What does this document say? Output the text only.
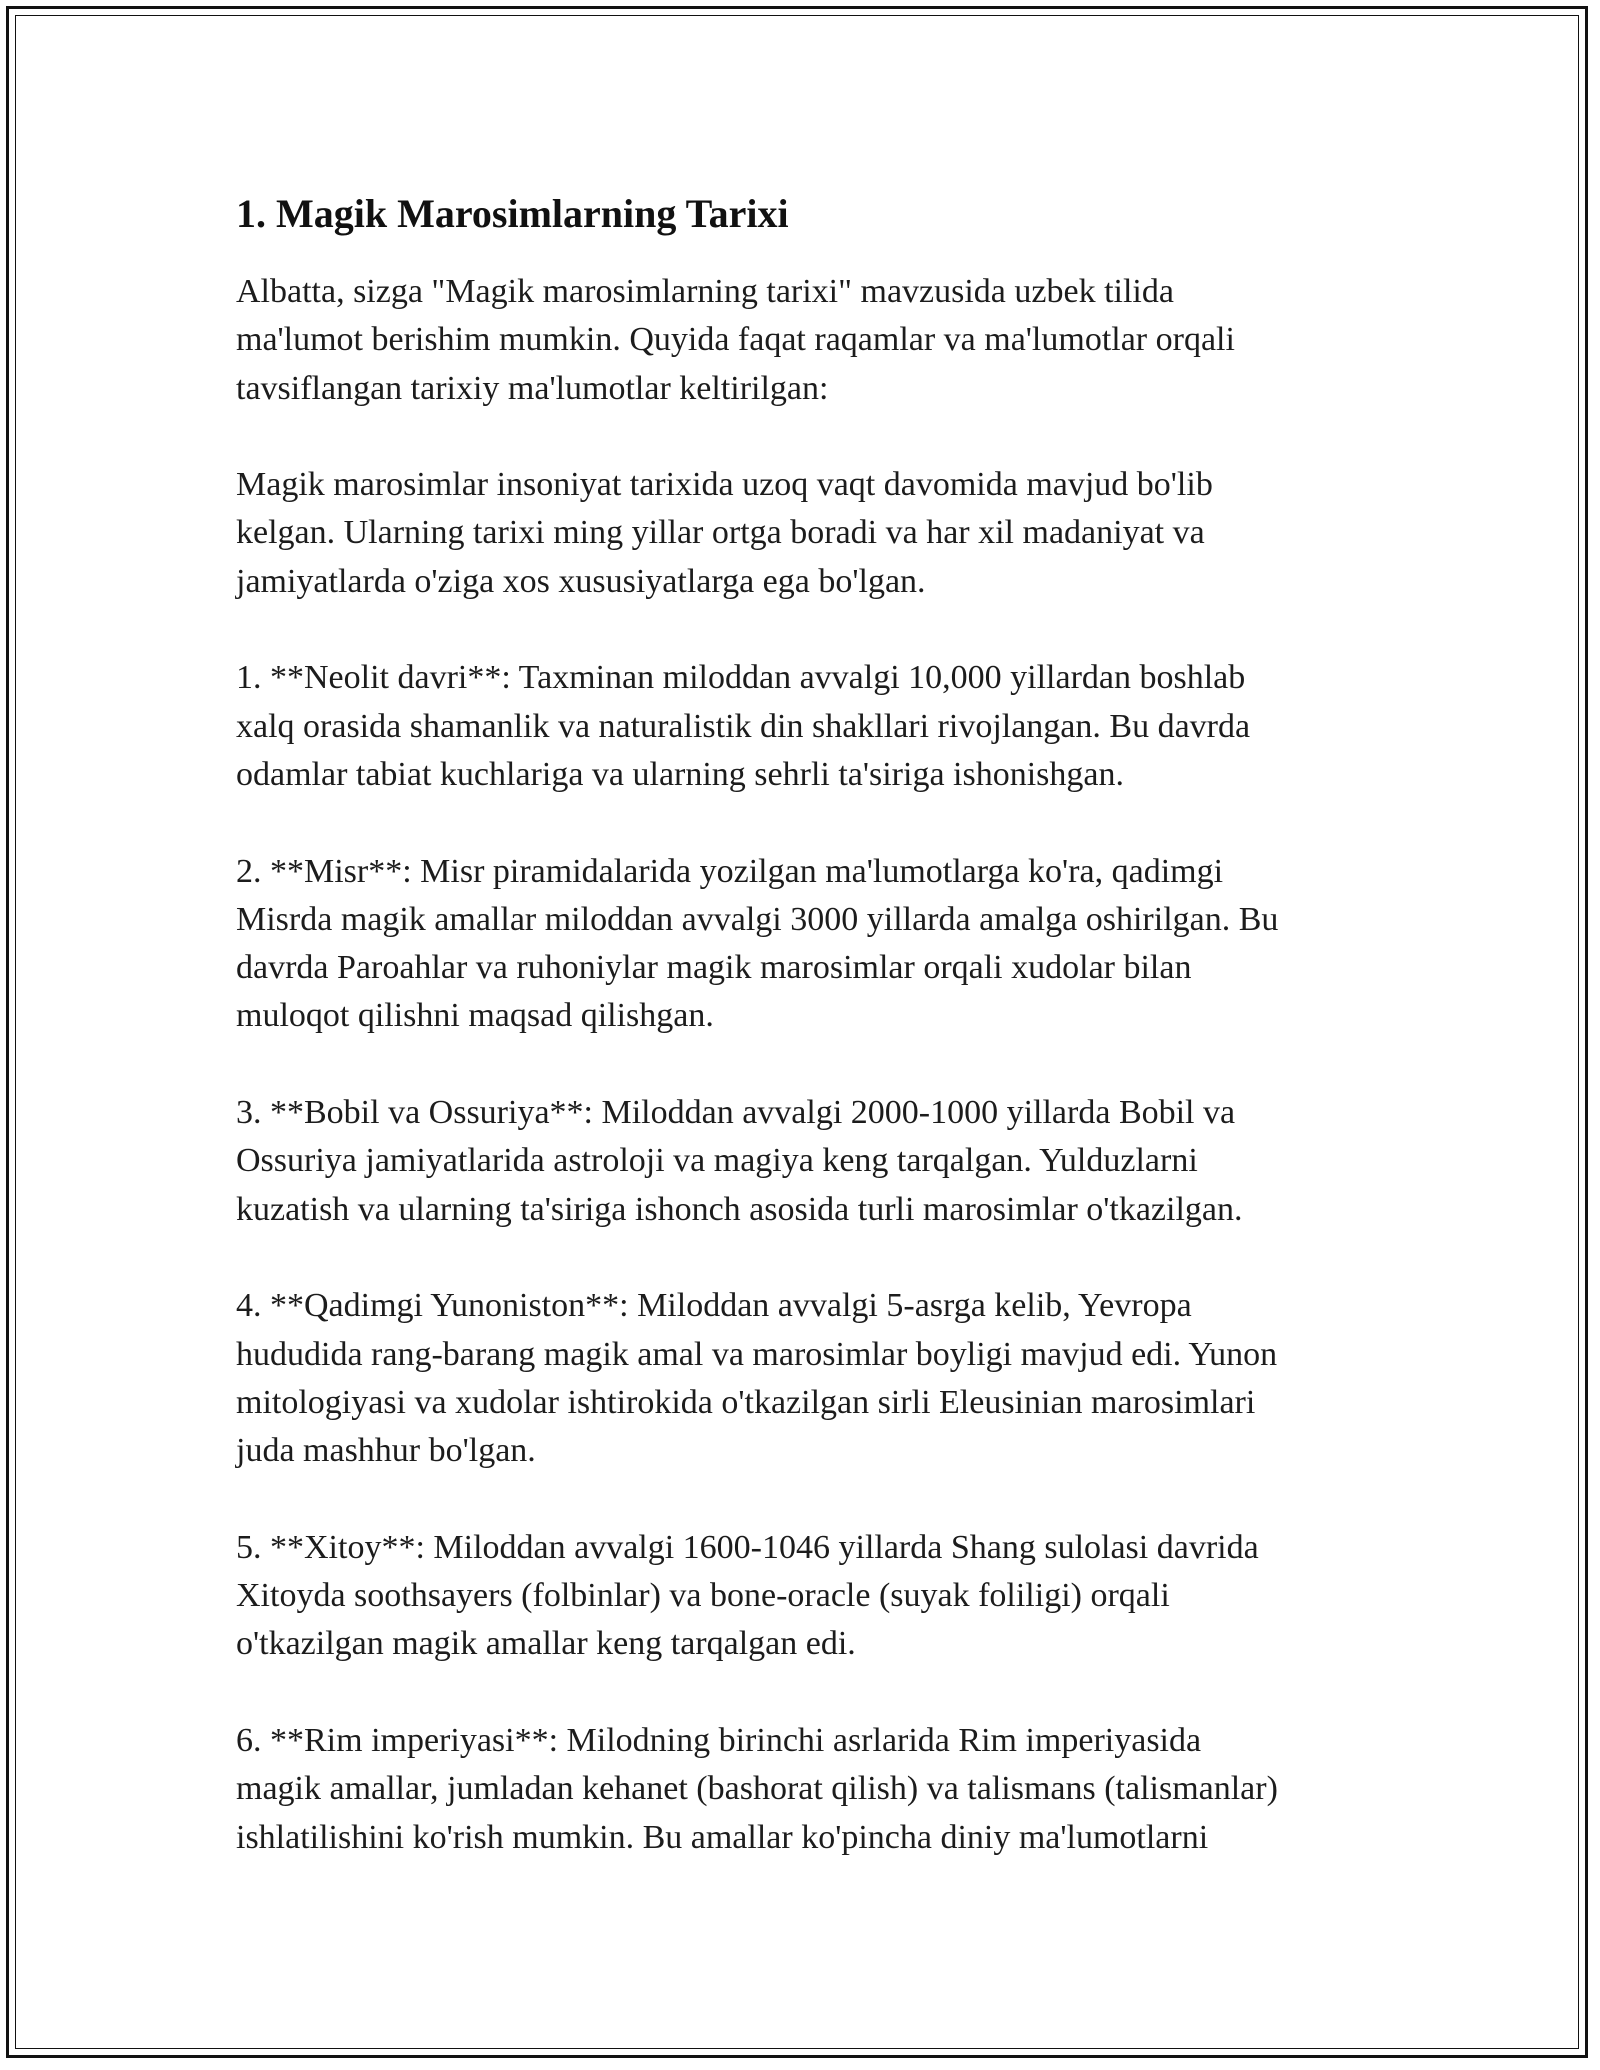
1. Magik Marosimlarning Tarixi

Albatta, sizga "Magik marosimlarning tarixi" mavzusida uzbek tilida
ma'lumot berishim mumkin. Quyida faqat raqamlar va ma'lumotlar orqali
tavsiflangan tarixiy ma'lumotlar keltirilgan:

Magik marosimlar insoniyat tarixida uzoq vaqt davomida mavjud bo'lib
kelgan. Ularning tarixi ming yillar ortga boradi va har xil madaniyat va
jamiyatlarda o'ziga xos xususiyatlarga ega bo'lgan.

1. **Neolit davri**: Taxminan miloddan avvalgi 10,000 yillardan boshlab
xalq orasida shamanlik va naturalistik din shakllari rivojlangan. Bu davrda
odamlar tabiat kuchlariga va ularning sehrli ta'siriga ishonishgan.

2. **Misr**: Misr piramidalarida yozilgan ma'lumotlarga ko'ra, qadimgi
Misrda magik amallar miloddan avvalgi 3000 yillarda amalga oshirilgan. Bu
davrda Paroahlar va ruhoniylar magik marosimlar orqali xudolar bilan
muloqot qilishni maqsad qilishgan.

3. **Bobil va Ossuriya**: Miloddan avvalgi 2000-1000 yillarda Bobil va
Ossuriya jamiyatlarida astroloji va magiya keng tarqalgan. Yulduzlarni
kuzatish va ularning ta'siriga ishonch asosida turli marosimlar o'tkazilgan.

4. **Qadimgi Yunoniston**: Miloddan avvalgi 5-asrga kelib, Yevropa
hududida rang-barang magik amal va marosimlar boyligi mavjud edi. Yunon
mitologiyasi va xudolar ishtirokida o'tkazilgan sirli Eleusinian marosimlari
juda mashhur bo'lgan.

5. **Xitoy**: Miloddan avvalgi 1600-1046 yillarda Shang sulolasi davrida
Xitoyda soothsayers (folbinlar) va bone-oracle (suyak foliligi) orqali
o'tkazilgan magik amallar keng tarqalgan edi.

6. **Rim imperiyasi**: Milodning birinchi asrlarida Rim imperiyasida
magik amallar, jumladan kehanet (bashorat qilish) va talismans (talismanlar)
ishlatilishini ko'rish mumkin. Bu amallar ko'pincha diniy ma'lumotlarni
